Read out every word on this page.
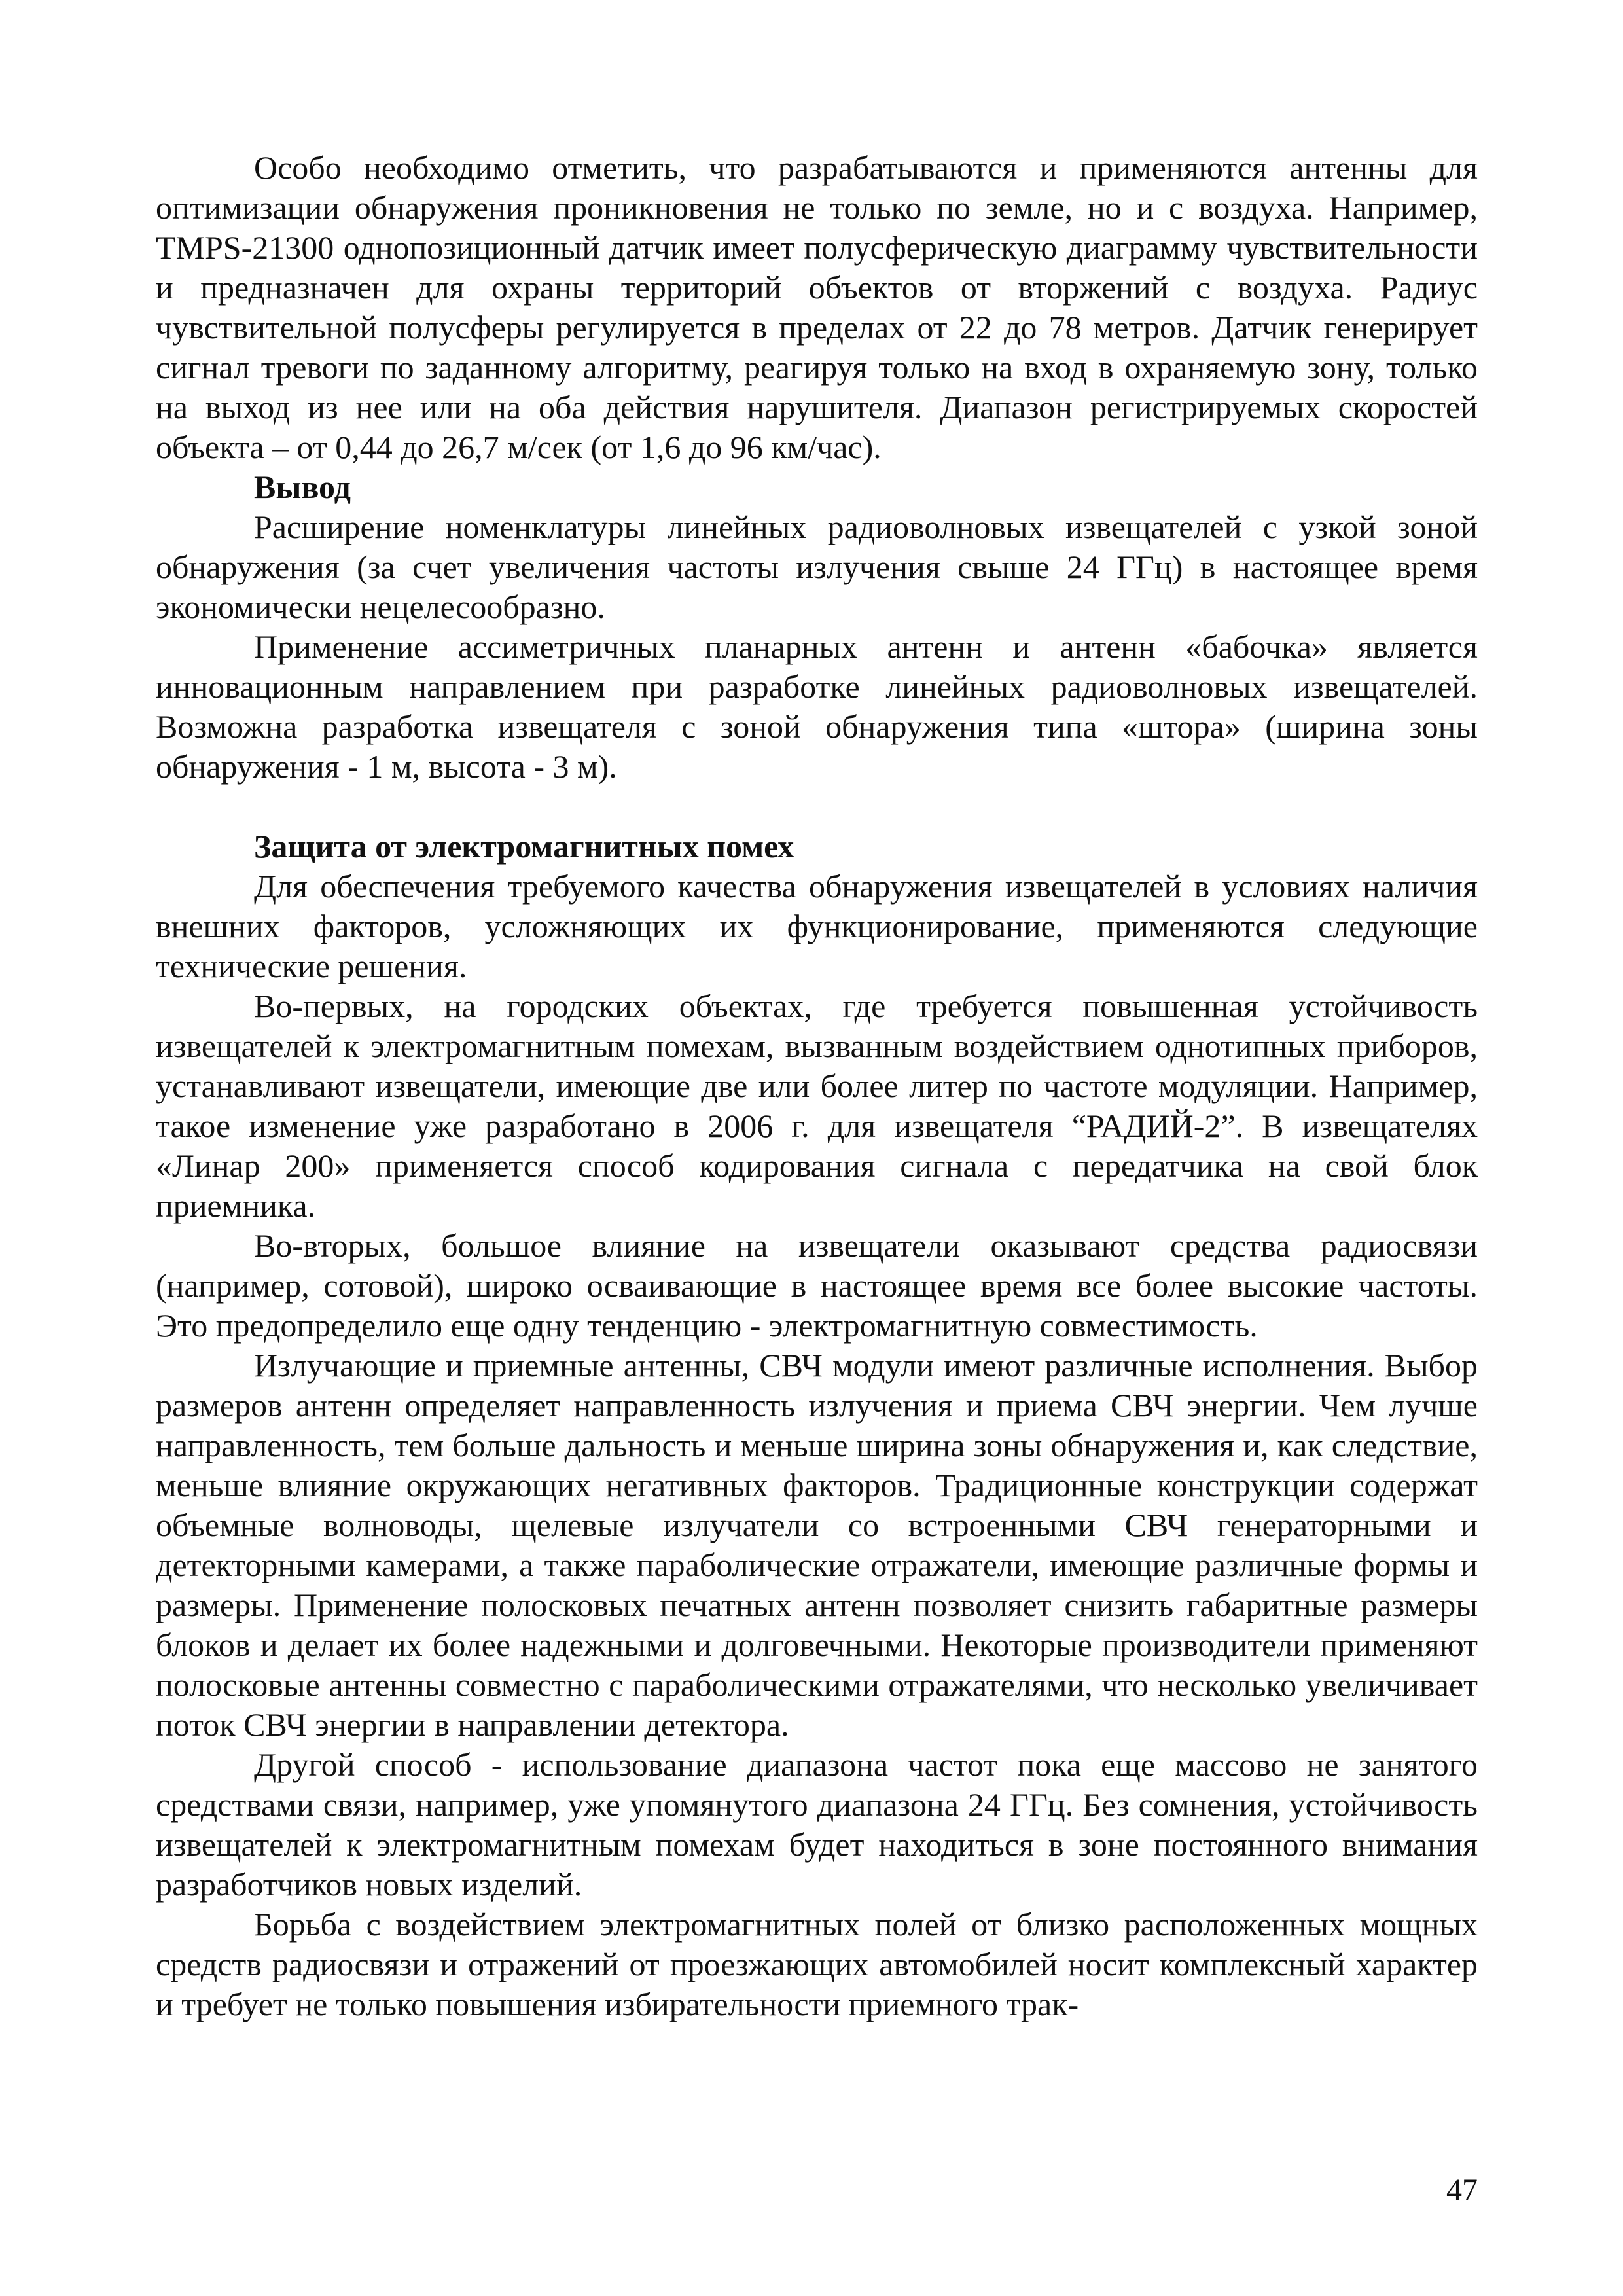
Особо необходимо отметить, что разрабатываются и применяются антенны для оптимизации обнаружения проникновения не только по земле, но и с воздуха. Например, TMPS-21300 однопозиционный датчик имеет полусферическую диаграмму чувствительности и предназначен для охраны территорий объектов от вторжений с воздуха. Радиус чувствительной полусферы регулируется в пределах от 22 до 78 метров. Датчик генерирует сигнал тревоги по заданному алгоритму, реагируя только на вход в охраняемую зону, только на выход из нее или на оба действия нарушителя. Диапазон регистрируемых скоростей объекта – от 0,44 до 26,7 м/сек (от 1,6 до 96 км/час).

Вывод

Расширение номенклатуры линейных радиоволновых извещателей с узкой зоной обнаружения (за счет увеличения частоты излучения свыше 24 ГГц) в настоящее время экономически нецелесообразно.

Применение ассиметричных планарных антенн и антенн «бабочка» является инновационным направлением при разработке линейных радиоволновых извещателей. Возможна разработка извещателя с зоной обнаружения типа «штора» (ширина зоны обнаружения - 1 м, высота - 3 м).

Защита от электромагнитных помех

Для обеспечения требуемого качества обнаружения извещателей в условиях наличия внешних факторов, усложняющих их функционирование, применяются следующие технические решения.

Во-первых, на городских объектах, где требуется повышенная устойчивость извещателей к электромагнитным помехам, вызванным воздействием однотипных приборов, устанавливают извещатели, имеющие две или более литер по частоте модуляции. Например, такое изменение уже разработано в 2006 г. для извещателя “РАДИЙ-2”. В извещателях «Линар 200» применяется способ кодирования сигнала с передатчика на свой блок приемника.

Во-вторых, большое влияние на извещатели оказывают средства радиосвязи (например, сотовой), широко осваивающие в настоящее время все более высокие частоты. Это предопределило еще одну тенденцию - электромагнитную совместимость.

Излучающие и приемные антенны, СВЧ модули имеют различные исполнения. Выбор размеров антенн определяет направленность излучения и приема СВЧ энергии. Чем лучше направленность, тем больше дальность и меньше ширина зоны обнаружения и, как следствие, меньше влияние окружающих негативных факторов. Традиционные конструкции содержат объемные волноводы, щелевые излучатели со встроенными СВЧ генераторными и детекторными камерами, а также параболические отражатели, имеющие различные формы и размеры. Применение полосковых печатных антенн позволяет снизить габаритные размеры блоков и делает их более надежными и долговечными. Некоторые производители применяют полосковые антенны совместно с параболическими отражателями, что несколько увеличивает поток СВЧ энергии в направлении детектора.

Другой способ - использование диапазона частот пока еще массово не занятого средствами связи, например, уже упомянутого диапазона 24 ГГц. Без сомнения, устойчивость извещателей к электромагнитным помехам будет находиться в зоне постоянного внимания разработчиков новых изделий.

Борьба с воздействием электромагнитных полей от близко расположенных мощных средств радиосвязи и отражений от проезжающих автомобилей носит комплексный характер и требует не только повышения избирательности приемного трак-

47
